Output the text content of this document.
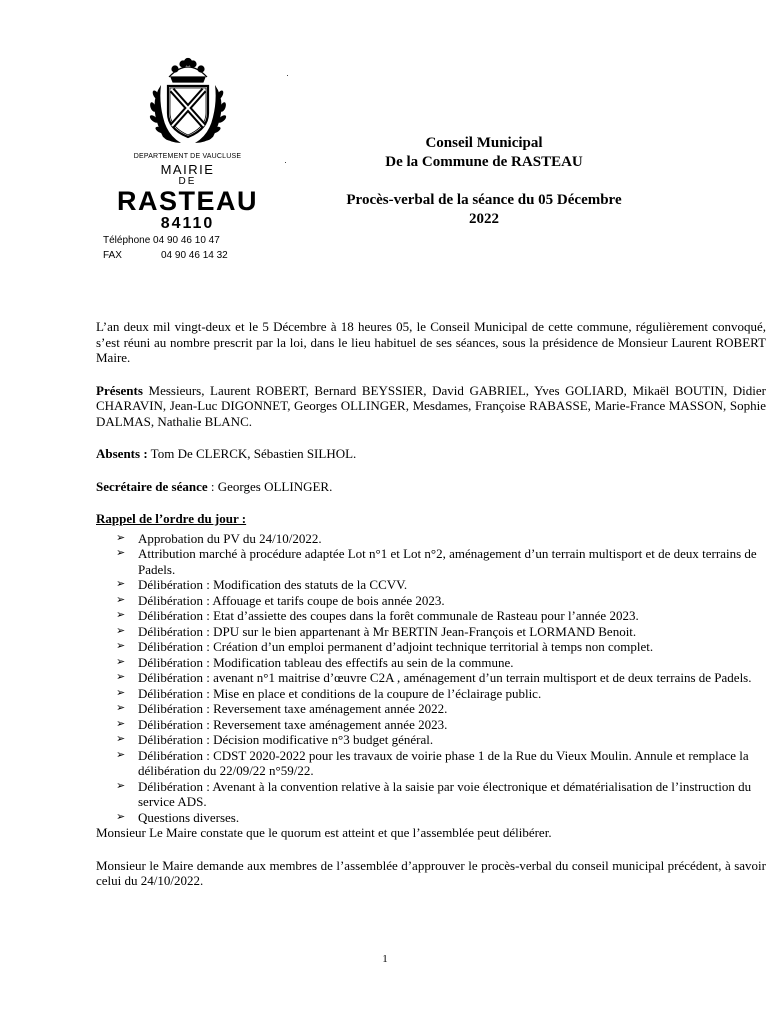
DEPARTEMENT DE VAUCLUSE
MAIRIE
DE
RASTEAU
84110
Téléphone 04 90 46 10 47
FAX	04 90 46 14 32
Conseil Municipal
De la Commune de RASTEAU
Procès-verbal de la séance du 05 Décembre
2022

L’an deux mil vingt-deux et le 5 Décembre à 18 heures 05, le Conseil Municipal de cette commune, régulièrement convoqué, s’est réuni au nombre prescrit par la loi, dans le lieu habituel de ses séances, sous la présidence de Monsieur Laurent ROBERT Maire.

Présents Messieurs, Laurent ROBERT, Bernard BEYSSIER, David GABRIEL, Yves GOLIARD, Mikaël BOUTIN, Didier CHARAVIN, Jean-Luc DIGONNET, Georges OLLINGER, Mesdames, Françoise RABASSE, Marie-France MASSON, Sophie DALMAS, Nathalie BLANC.

Absents : Tom De CLERCK, Sébastien SILHOL.

Secrétaire de séance : Georges OLLINGER.

Rappel de l’ordre du jour :
➢ Approbation du PV du 24/10/2022.
➢ Attribution marché à procédure adaptée Lot n°1 et Lot n°2, aménagement d’un terrain multisport et de deux terrains de Padels.
➢ Délibération : Modification des statuts de la CCVV.
➢ Délibération : Affouage et tarifs coupe de bois année 2023.
➢ Délibération : Etat d’assiette des coupes dans la forêt communale de Rasteau pour l’année 2023.
➢ Délibération : DPU sur le bien appartenant à Mr BERTIN Jean-François et LORMAND Benoit.
➢ Délibération : Création d’un emploi permanent d’adjoint technique territorial à temps non complet.
➢ Délibération : Modification tableau des effectifs au sein de la commune.
➢ Délibération : avenant n°1 maitrise d’œuvre C2A , aménagement d’un terrain multisport et de deux terrains de Padels.
➢ Délibération : Mise en place et conditions de la coupure de l’éclairage public.
➢ Délibération : Reversement taxe aménagement année 2022.
➢ Délibération : Reversement taxe aménagement année 2023.
➢ Délibération : Décision modificative n°3 budget général.
➢ Délibération : CDST 2020-2022 pour les travaux de voirie phase 1 de la Rue du Vieux Moulin. Annule et remplace la délibération du 22/09/22 n°59/22.
➢ Délibération : Avenant à la convention relative à la saisie par voie électronique et dématérialisation de l’instruction du service ADS.
➢ Questions diverses.

Monsieur Le Maire constate que le quorum est atteint et que l’assemblée peut délibérer.

Monsieur le Maire demande aux membres de l’assemblée d’approuver le procès-verbal du conseil municipal précédent, à savoir celui du 24/10/2022.

1
